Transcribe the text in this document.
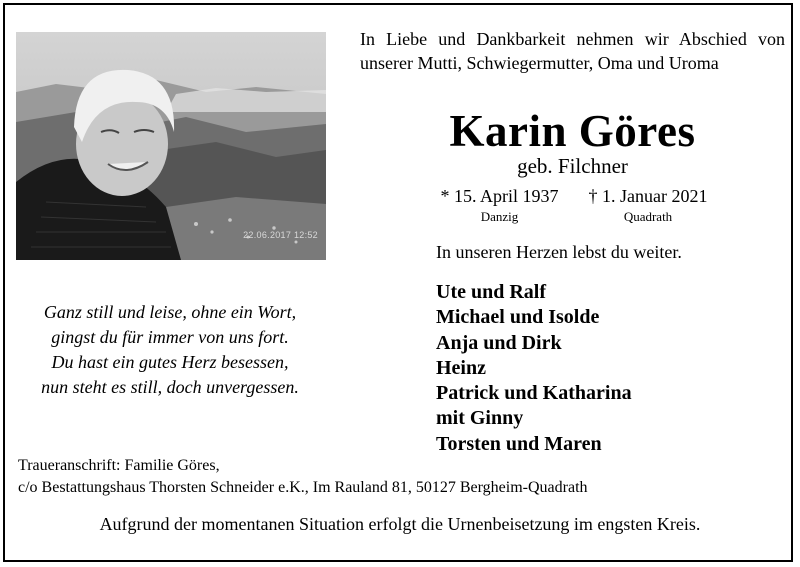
22.06.2017 12:52
In Liebe und Dankbarkeit nehmen wir Abschied von unserer Mutti, Schwiegermutter, Oma und Uroma
Karin Göres
geb. Filchner
* 15. April 1937
Danzig
† 1. Januar 2021
Quadrath
In unseren Herzen lebst du weiter.
Ganz still und leise, ohne ein Wort,
gingst du für immer von uns fort.
Du hast ein gutes Herz besessen,
nun steht es still, doch unvergessen.
Ute und Ralf
Michael und Isolde
Anja und Dirk
Heinz
Patrick und Katharina
mit Ginny
Torsten und Maren
Traueranschrift: Familie Göres,
c/o Bestattungshaus Thorsten Schneider e.K., Im Rauland 81, 50127 Bergheim-Quadrath
Aufgrund der momentanen Situation erfolgt die Urnenbeisetzung im engsten Kreis.
